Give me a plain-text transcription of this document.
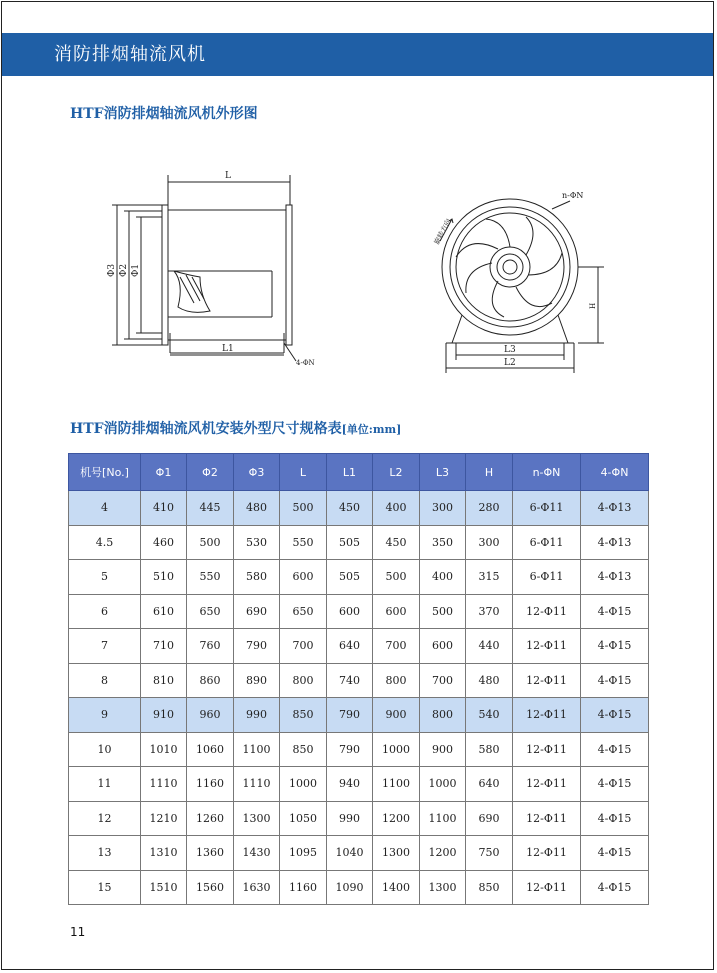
消防排烟轴流风机
HTF消防排烟轴流风机外形图
L
L1
4-ΦN
Φ3 Φ2 Φ1
L3
L2
H
n-ΦN
旋转方向
HTF消防排烟轴流风机安装外型尺寸规格表[单位:mm]
机号[No.]	Φ1	Φ2	Φ3	L	L1	L2	L3	H	n-ΦN	4-ΦN
4	410	445	480	500	450	400	300	280	6-Φ11	4-Φ13
4.5	460	500	530	550	505	450	350	300	6-Φ11	4-Φ13
5	510	550	580	600	505	500	400	315	6-Φ11	4-Φ13
6	610	650	690	650	600	600	500	370	12-Φ11	4-Φ15
7	710	760	790	700	640	700	600	440	12-Φ11	4-Φ15
8	810	860	890	800	740	800	700	480	12-Φ11	4-Φ15
9	910	960	990	850	790	900	800	540	12-Φ11	4-Φ15
10	1010	1060	1100	850	790	1000	900	580	12-Φ11	4-Φ15
11	1110	1160	1110	1000	940	1100	1000	640	12-Φ11	4-Φ15
12	1210	1260	1300	1050	990	1200	1100	690	12-Φ11	4-Φ15
13	1310	1360	1430	1095	1040	1300	1200	750	12-Φ11	4-Φ15
15	1510	1560	1630	1160	1090	1400	1300	850	12-Φ11	4-Φ15
11
